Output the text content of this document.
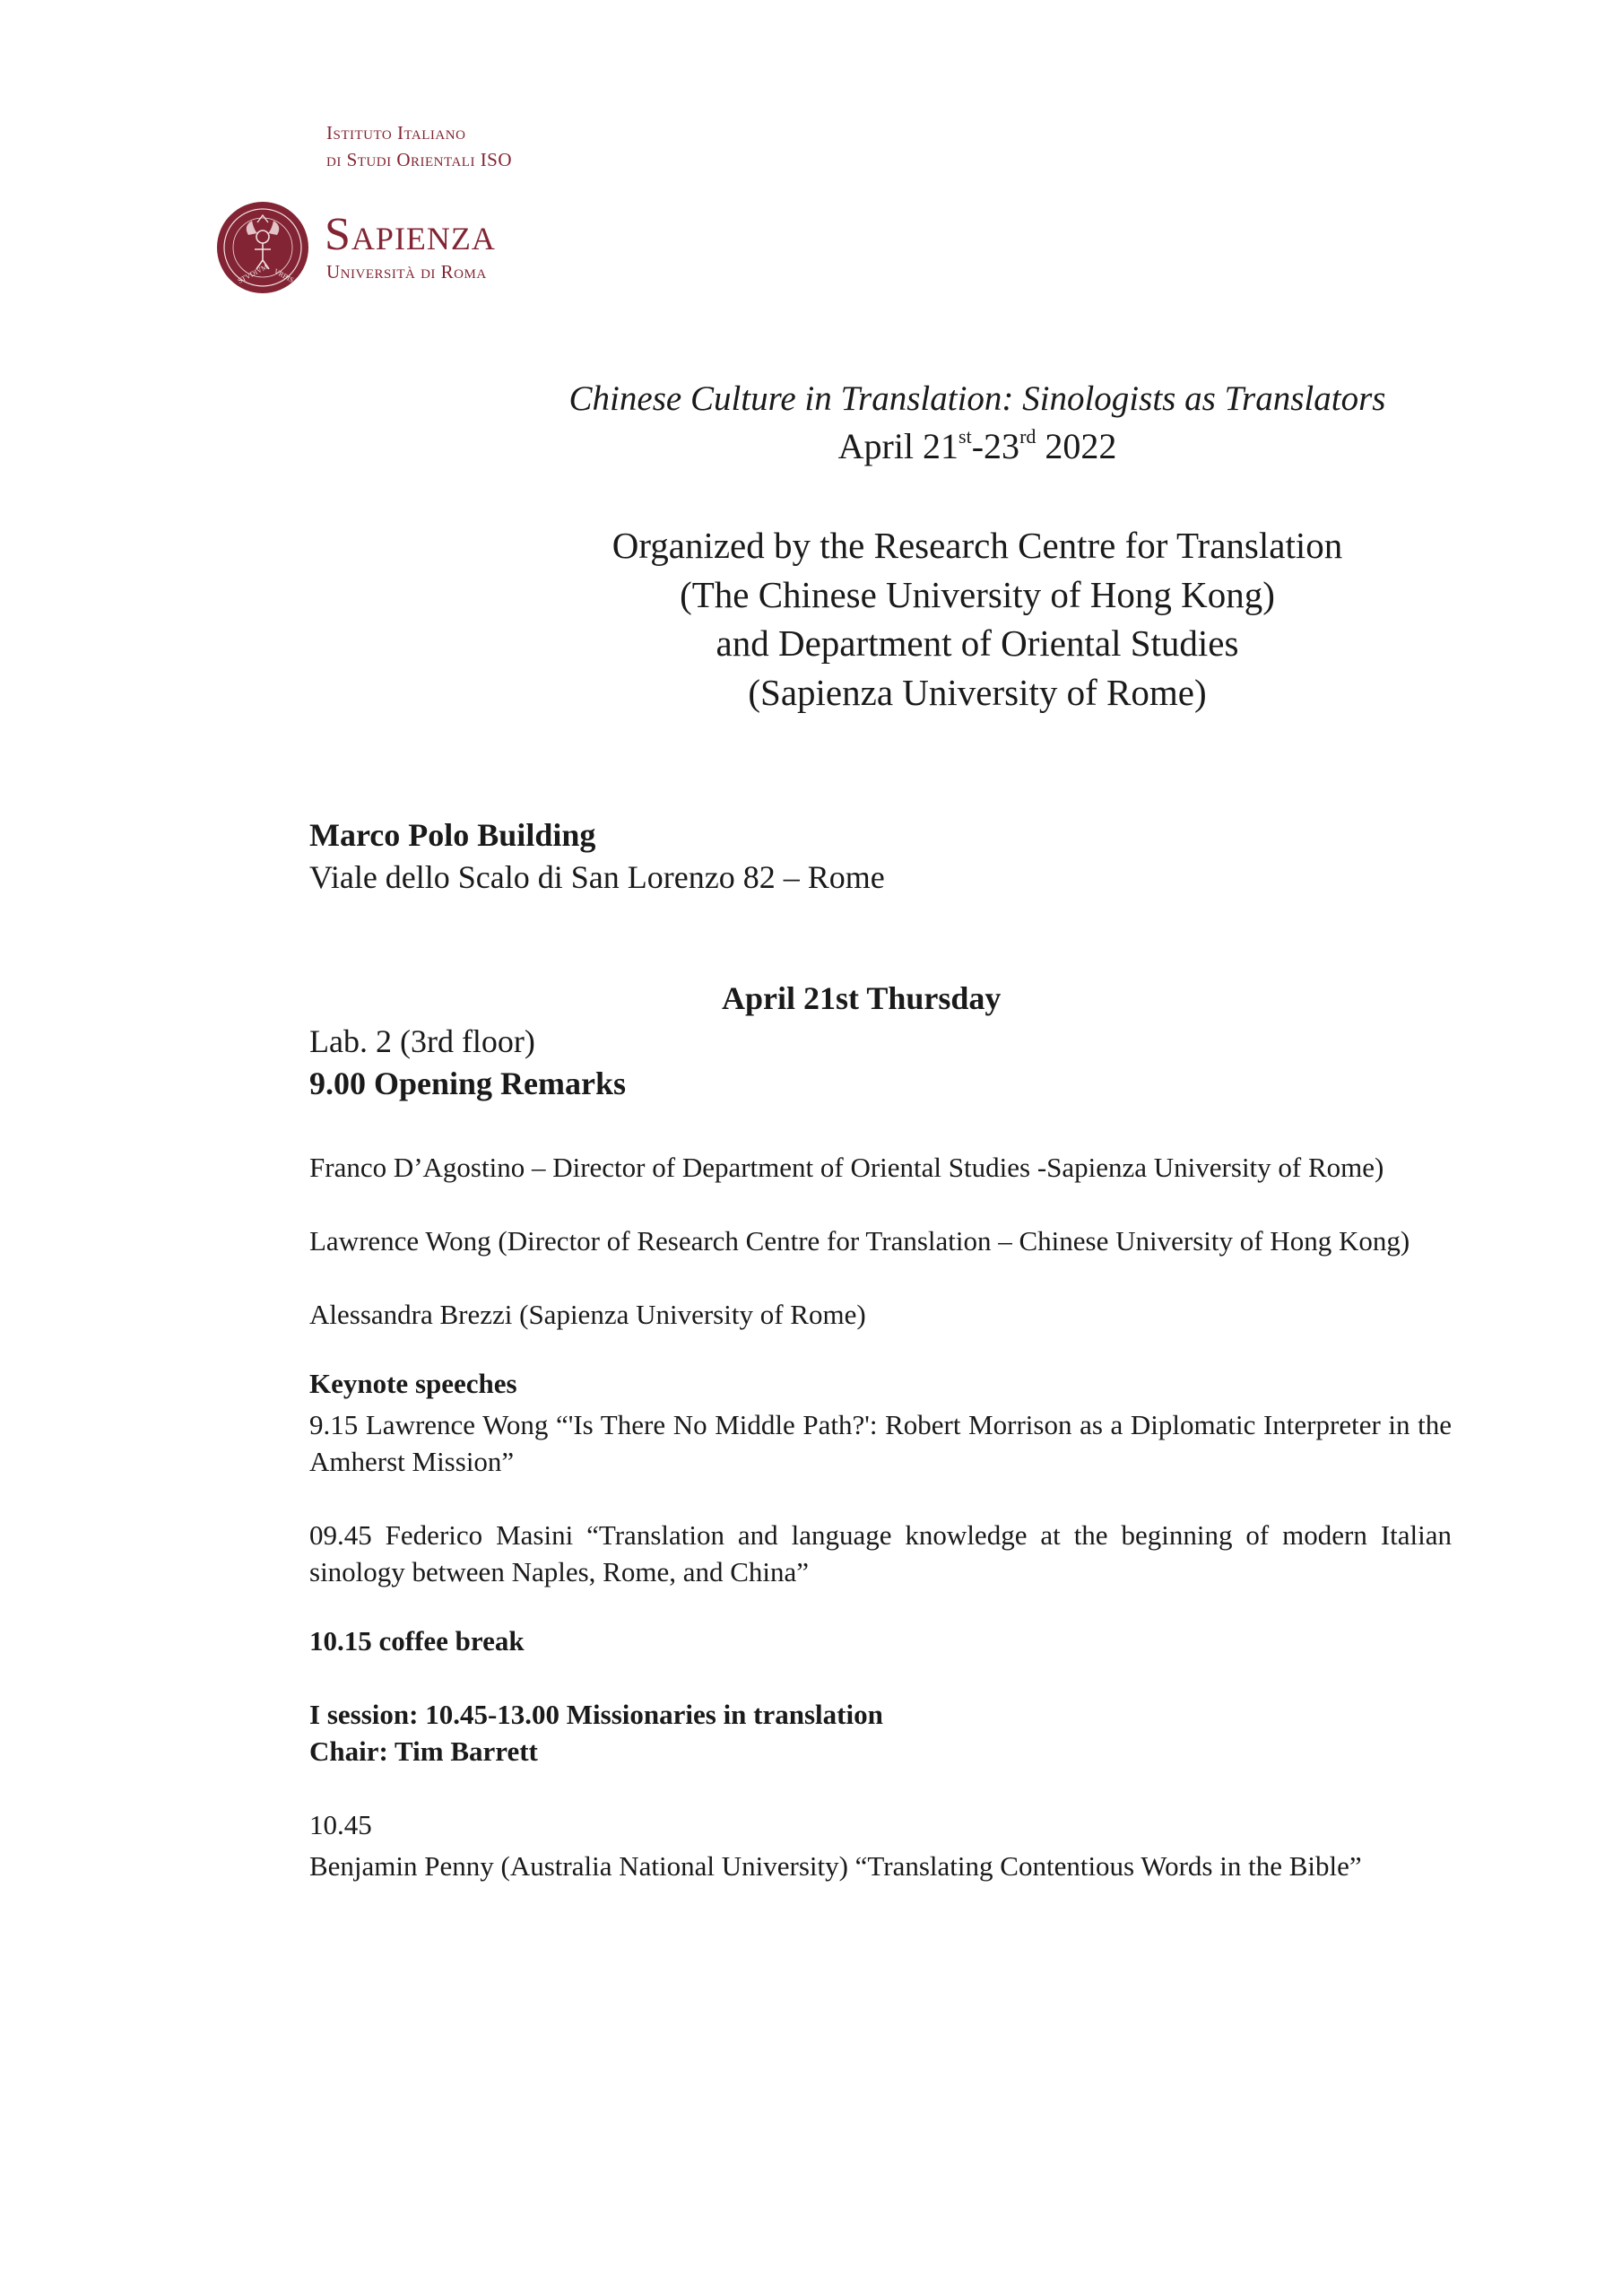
Istituto Italiano
di Studi Orientali ISO
STVDIVM VRBIS
Sapienza
Università di Roma
Chinese Culture in Translation: Sinologists as Translators
April 21st-23rd 2022
Organized by the Research Centre for Translation
(The Chinese University of Hong Kong)
and Department of Oriental Studies
(Sapienza University of Rome)
Marco Polo Building
Viale dello Scalo di San Lorenzo 82 – Rome
April 21st Thursday
Lab. 2 (3rd floor)
9.00 Opening Remarks
Franco D’Agostino – Director of Department of Oriental Studies -Sapienza University of Rome)
Lawrence Wong (Director of Research Centre for Translation – Chinese University of Hong Kong)
Alessandra Brezzi (Sapienza University of Rome)
Keynote speeches
9.15 Lawrence Wong “'Is There No Middle Path?': Robert Morrison as a Diplomatic Interpreter in the Amherst Mission”
09.45 Federico Masini “Translation and language knowledge at the beginning of modern Italian sinology between Naples, Rome, and China”
10.15 coffee break
I session: 10.45-13.00 Missionaries in translation
Chair: Tim Barrett
10.45
Benjamin Penny (Australia National University) “Translating Contentious Words in the Bible”
